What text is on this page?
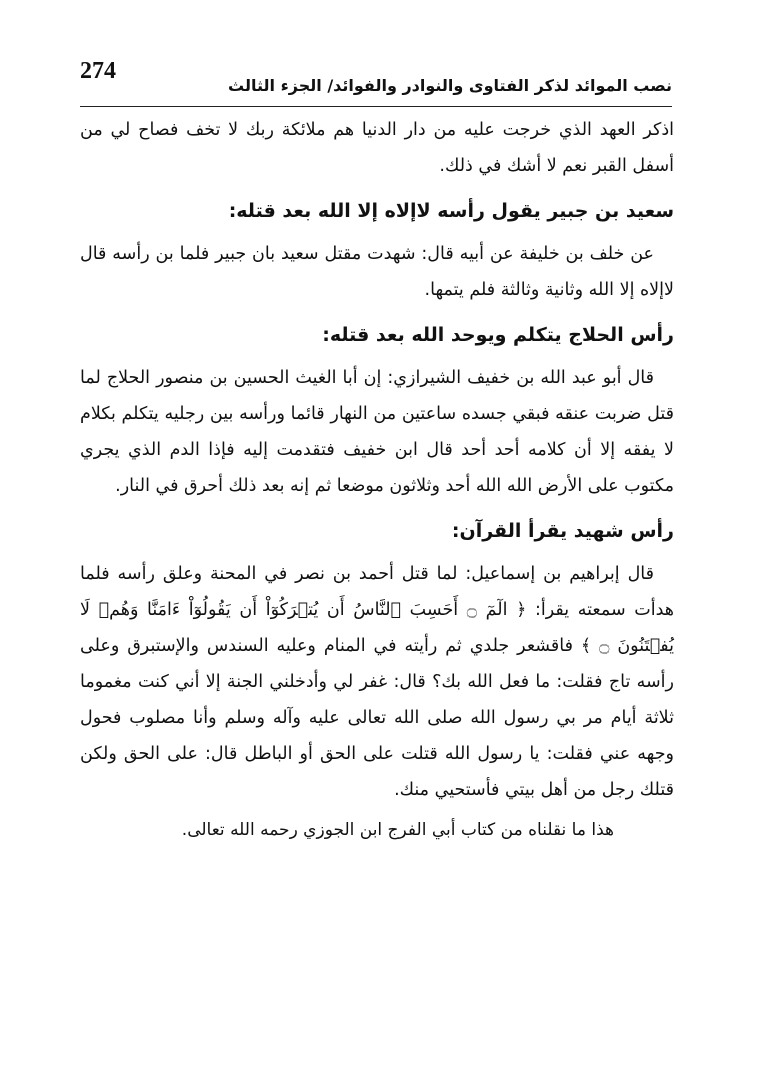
274
نصب الموائد لذكر الفتاوى والنوادر والفوائد/ الجزء الثالث

اذكر العهد الذي خرجت عليه من دار الدنيا هم ملائكة ربك لا تخف فصاح لي من أسفل القبر نعم لا أشك في ذلك.

سعيد بن جبير يقول رأسه لاإلاه إلا الله بعد قتله:

عن خلف بن خليفة عن أبيه قال: شهدت مقتل سعيد بان جبير فلما بن رأسه قال لاإلاه إلا الله وثانية وثالثة فلم يتمها.

رأس الحلاج يتكلم ويوحد الله بعد قتله:

قال أبو عبد الله بن خفيف الشيرازي: إن أبا الغيث الحسين بن منصور الحلاج لما قتل ضربت عنقه فبقي جسده ساعتين من النهار قائما ورأسه بين رجليه يتكلم بكلام لا يفقه إلا أن كلامه أحد أحد قال ابن خفيف فتقدمت إليه فإذا الدم الذي يجري مكتوب على الأرض الله الله أحد وثلاثون موضعا ثم إنه بعد ذلك أحرق في النار.

رأس شهيد يقرأ القرآن:

قال إبراهيم بن إسماعيل: لما قتل أحمد بن نصر في المحنة وعلق رأسه فلما هدأت سمعته يقرأ: ﴿ الٓمٓ ۝ أَحَسِبَ ٱلنَّاسُ أَن يُتۡرَكُوٓاْ أَن يَقُولُوٓاْ ءَامَنَّا وَهُمۡ لَا يُفۡتَنُونَ ۝ ﴾ فاقشعر جلدي ثم رأيته في المنام وعليه السندس والإستبرق وعلى رأسه تاج فقلت: ما فعل الله بك؟ قال: غفر لي وأدخلني الجنة إلا أني كنت مغموما ثلاثة أيام مر بي رسول الله صلى الله تعالى عليه وآله وسلم وأنا مصلوب فحول وجهه عني فقلت: يا رسول الله قتلت على الحق أو الباطل قال: على الحق ولكن قتلك رجل من أهل بيتي فأستحيي منك.

هذا ما نقلناه من كتاب أبي الفرج ابن الجوزي رحمه الله تعالى.
